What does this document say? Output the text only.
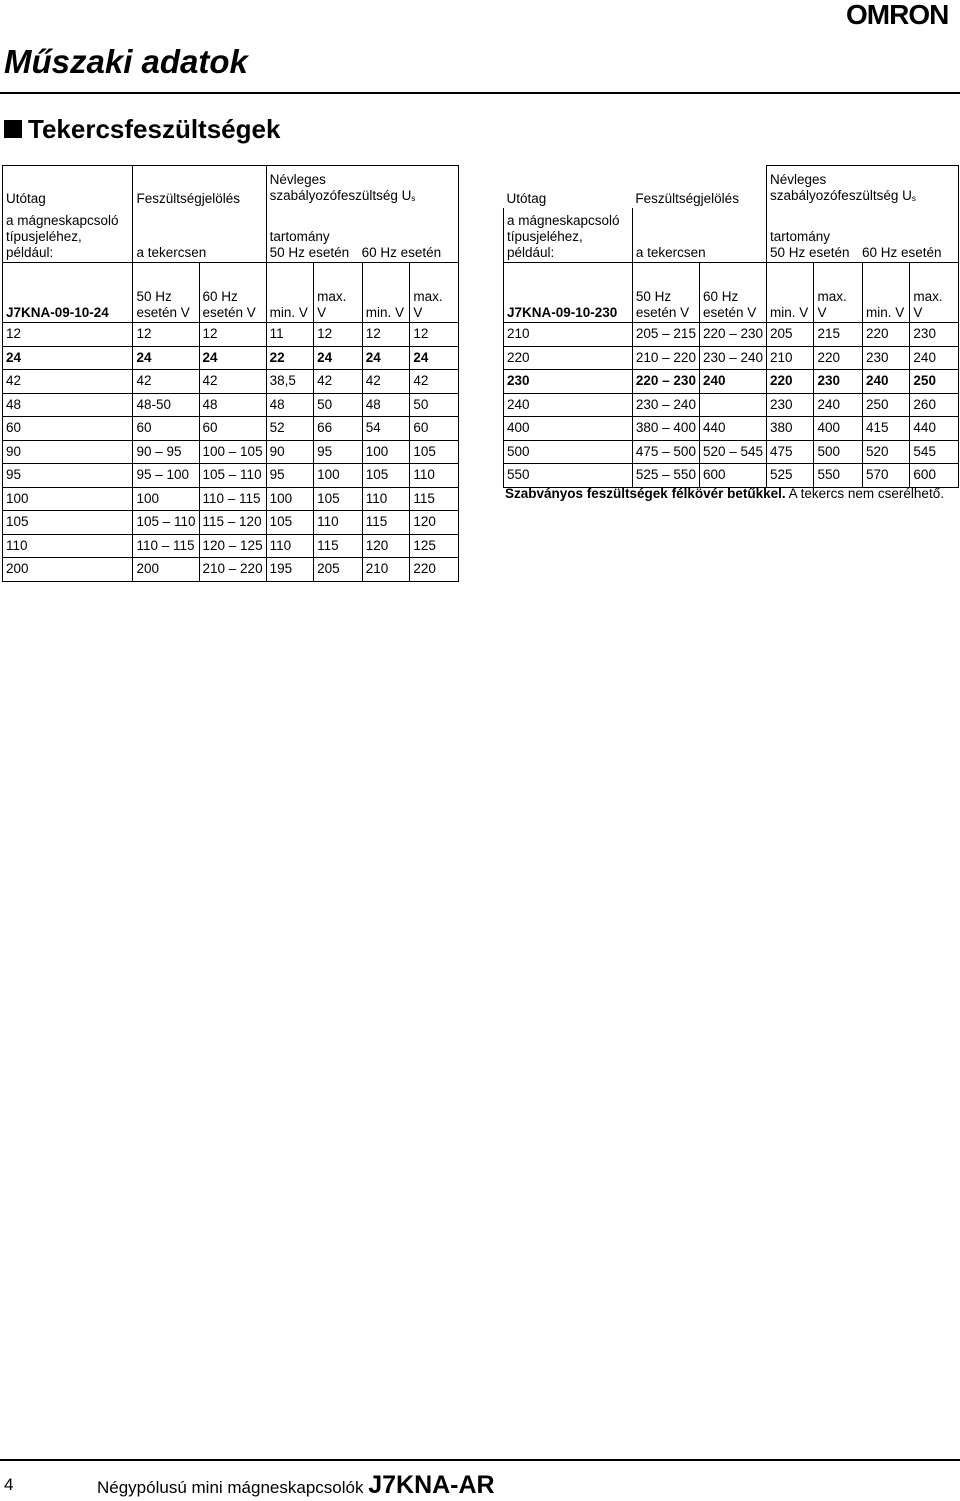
OMRON
Műszaki adatok
Tekercsfeszültségek
Utótag	Feszültségjelölés		Névleges
szabályozófeszültség $U_s$

a mágneskapcsoló típusjeléhez, például:	a tekercsen		tartomány
50 Hz esetén 60 Hz esetén			

J7KNA-09-10-24	50 Hz esetén V	60 Hz esetén V	min. V	max. V	min. V	max. V
12	12	12	11	12	12	12
24	24	24	22	24	24	24
42	42	42	38,5	42	42	42
48	48-50	48	48	50	48	50
60	60	60	52	66	54	60
90	90 – 95	100 – 105	90	95	100	105
95	95 – 100	105 – 110	95	100	105	110
100	100	110 – 115	100	105	110	115
105	105 – 110	115 – 120	105	110	115	120
110	110 – 115	120 – 125	110	115	120	125
200	200	210 – 220	195	205	210	220
Utótag	Feszültségjelölés		Névleges
szabályozófeszültség $U_s$

a mágneskapcsoló típusjeléhez, például:	a tekercsen		tartomány
50 Hz esetén 60 Hz esetén			

J7KNA-09-10-230	50 Hz esetén V	60 Hz esetén V	min. V	max. V	min. V	max. V
210	205 – 215	220 – 230	205	215	220	230
220	210 – 220	230 – 240	210	220	230	240
230	220 – 230	240	220	230	240	250
240	230 – 240		230	240	250	260
400	380 – 400	440	380	400	415	440
500	475 – 500	520 – 545	475	500	520	545
550	525 – 550	600	525	550	570	600
Szabványos feszültségek félkövér betűkkel. A tekercs nem cserélhető.
4	Négypólusú mini mágneskapcsolók J7KNA-AR
